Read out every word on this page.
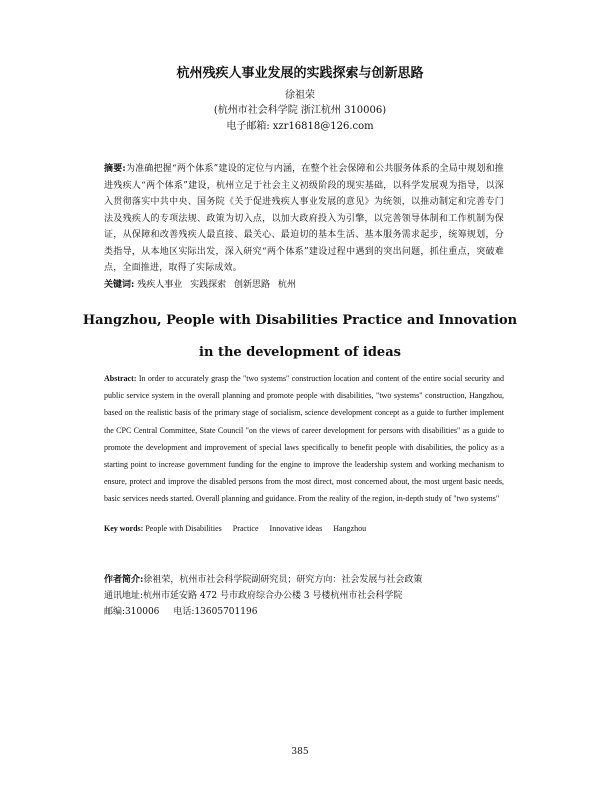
杭州残疾人事业发展的实践探索与创新思路
徐祖荣
(杭州市社会科学院 浙江杭州 310006)
电子邮箱: xzr16818@126.com
摘要:为准确把握“两个体系”建设的定位与内涵，在整个社会保障和公共服务体系的全局中规划和推进残疾人“两个体系”建设，杭州立足于社会主义初级阶段的现实基础，以科学发展观为指导，以深入贯彻落实中共中央、国务院《关于促进残疾人事业发展的意见》为统领，以推动制定和完善专门法及残疾人的专项法规、政策为切入点，以加大政府投入为引擎，以完善领导体制和工作机制为保证，从保障和改善残疾人最直接、最关心、最迫切的基本生活、基本服务需求起步，统筹规划，分类指导，从本地区实际出发，深入研究“两个体系”建设过程中遇到的突出问题，抓住重点，突破难点，全面推进，取得了实际成效。
关键词: 残疾人事业 实践探索 创新思路 杭州
Hangzhou, People with Disabilities Practice and Innovation
in the development of ideas
Abstract: In order to accurately grasp the "two systems" construction location and content of the entire social security and public service system in the overall planning and promote people with disabilities, "two systems" construction, Hangzhou, based on the realistic basis of the primary stage of socialism, science development concept as a guide to further implement the CPC Central Committee, State Council "on the views of career development for persons with disabilities" as a guide to promote the development and improvement of special laws specifically to benefit people with disabilities, the policy as a starting point to increase government funding for the engine to improve the leadership system and working mechanism to ensure, protect and improve the disabled persons from the most direct, most concerned about, the most urgent basic needs, basic services needs started. Overall planning and guidance. From the reality of the region, in-depth study of "two systems"
Key words: People with Disabilities Practice Innovative ideas Hangzhou
作者简介:徐祖荣，杭州市社会科学院副研究员；研究方向：社会发展与社会政策
通讯地址:杭州市延安路 472 号市政府综合办公楼 3 号楼杭州市社会科学院
邮编:310006 电话:13605701196
385
